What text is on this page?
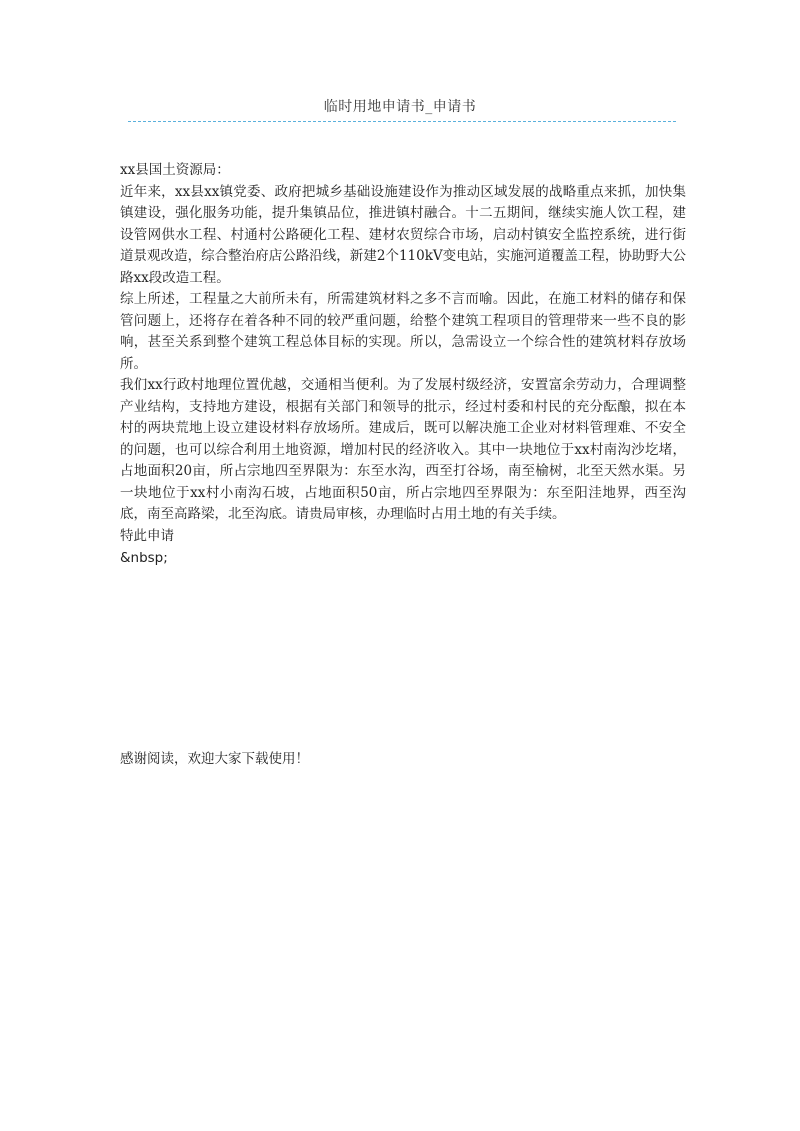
临时用地申请书_申请书

xx县国土资源局：

近年来，xx县xx镇党委、政府把城乡基础设施建设作为推动区域发展的战略重点来抓，加快集镇建设，强化服务功能，提升集镇品位，推进镇村融合。十二五期间，继续实施人饮工程，建设管网供水工程、村通村公路硬化工程、建材农贸综合市场，启动村镇安全监控系统，进行街道景观改造，综合整治府店公路沿线，新建2个110kV变电站，实施河道覆盖工程，协助野大公路xx段改造工程。

综上所述，工程量之大前所未有，所需建筑材料之多不言而喻。因此，在施工材料的储存和保管问题上，还将存在着各种不同的较严重问题，给整个建筑工程项目的管理带来一些不良的影响，甚至关系到整个建筑工程总体目标的实现。所以，急需设立一个综合性的建筑材料存放场所。

我们xx行政村地理位置优越，交通相当便利。为了发展村级经济，安置富余劳动力，合理调整产业结构，支持地方建设，根据有关部门和领导的批示，经过村委和村民的充分酝酿，拟在本村的两块荒地上设立建设材料存放场所。建成后，既可以解决施工企业对材料管理难、不安全的问题，也可以综合利用土地资源，增加村民的经济收入。其中一块地位于xx村南沟沙圪堵，占地面积20亩，所占宗地四至界限为：东至水沟，西至打谷场，南至榆树，北至天然水渠。另一块地位于xx村小南沟石坡，占地面积50亩，所占宗地四至界限为：东至阳洼地界，西至沟底，南至高路梁，北至沟底。请贵局审核，办理临时占用土地的有关手续。

特此申请

&nbsp;
感谢阅读，欢迎大家下载使用！
